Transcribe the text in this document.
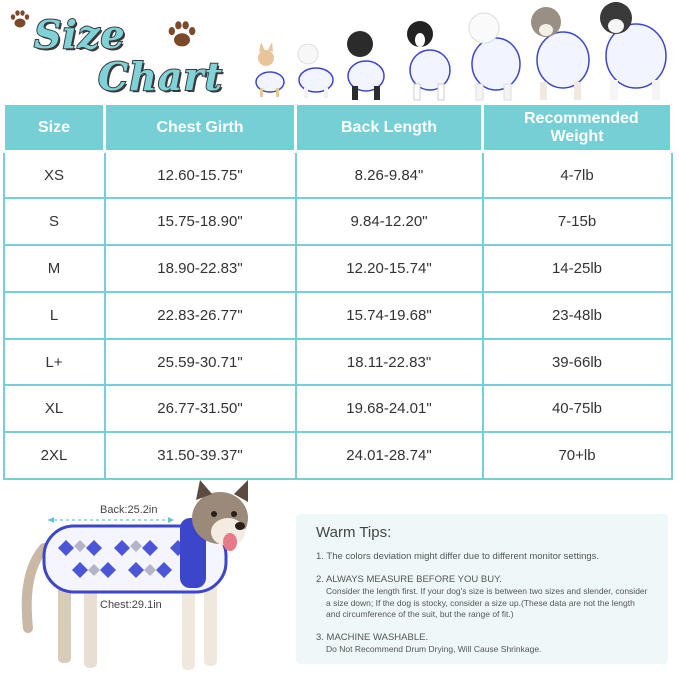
Size
Chart
Size	Chest Girth	Back Length	Recommended Weight
XS	12.60-15.75"	8.26-9.84"	4-7lb
S	15.75-18.90"	9.84-12.20"	7-15b
M	18.90-22.83"	12.20-15.74"	14-25lb
L	22.83-26.77"	15.74-19.68"	23-48lb
L+	25.59-30.71"	18.11-22.83"	39-66lb
XL	26.77-31.50"	19.68-24.01"	40-75lb
2XL	31.50-39.37"	24.01-28.74"	70+lb
Back:25.2in
Chest:29.1in
Warm Tips:
1. The colors deviation might differ due to different monitor settings.
2. ALWAYS MEASURE BEFORE YOU BUY.
Consider the length first. If your dog's size is between two sizes and slender, consider a size down; If the dog is stocky, consider a size up.(These data are not the length and circumference of the suit, but the range of fit.)
3. MACHINE WASHABLE.
Do Not Recommend Drum Drying, Will Cause Shrinkage.
